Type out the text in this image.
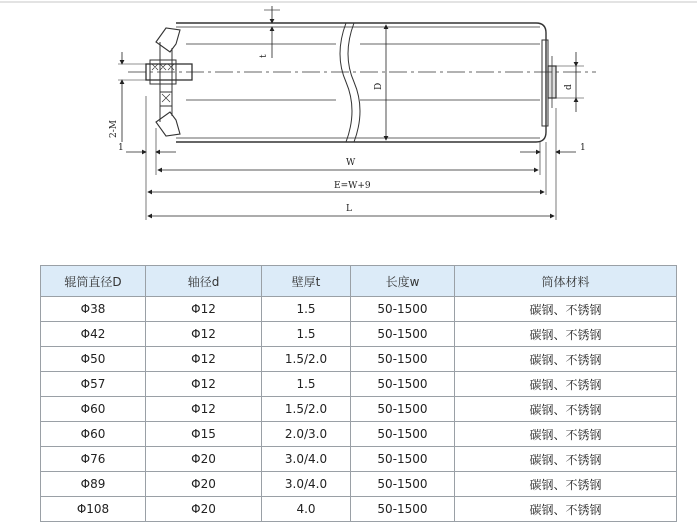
t
D	d
2-M
1	1
W
E=W+9
L
辊筒直径D	轴径d	壁厚t	长度w	筒体材料
Φ38	Φ12	1.5	50-1500	碳钢、不锈钢
Φ42	Φ12	1.5	50-1500	碳钢、不锈钢
Φ50	Φ12	1.5/2.0	50-1500	碳钢、不锈钢
Φ57	Φ12	1.5	50-1500	碳钢、不锈钢
Φ60	Φ12	1.5/2.0	50-1500	碳钢、不锈钢
Φ60	Φ15	2.0/3.0	50-1500	碳钢、不锈钢
Φ76	Φ20	3.0/4.0	50-1500	碳钢、不锈钢
Φ89	Φ20	3.0/4.0	50-1500	碳钢、不锈钢
Φ108	Φ20	4.0	50-1500	碳钢、不锈钢
